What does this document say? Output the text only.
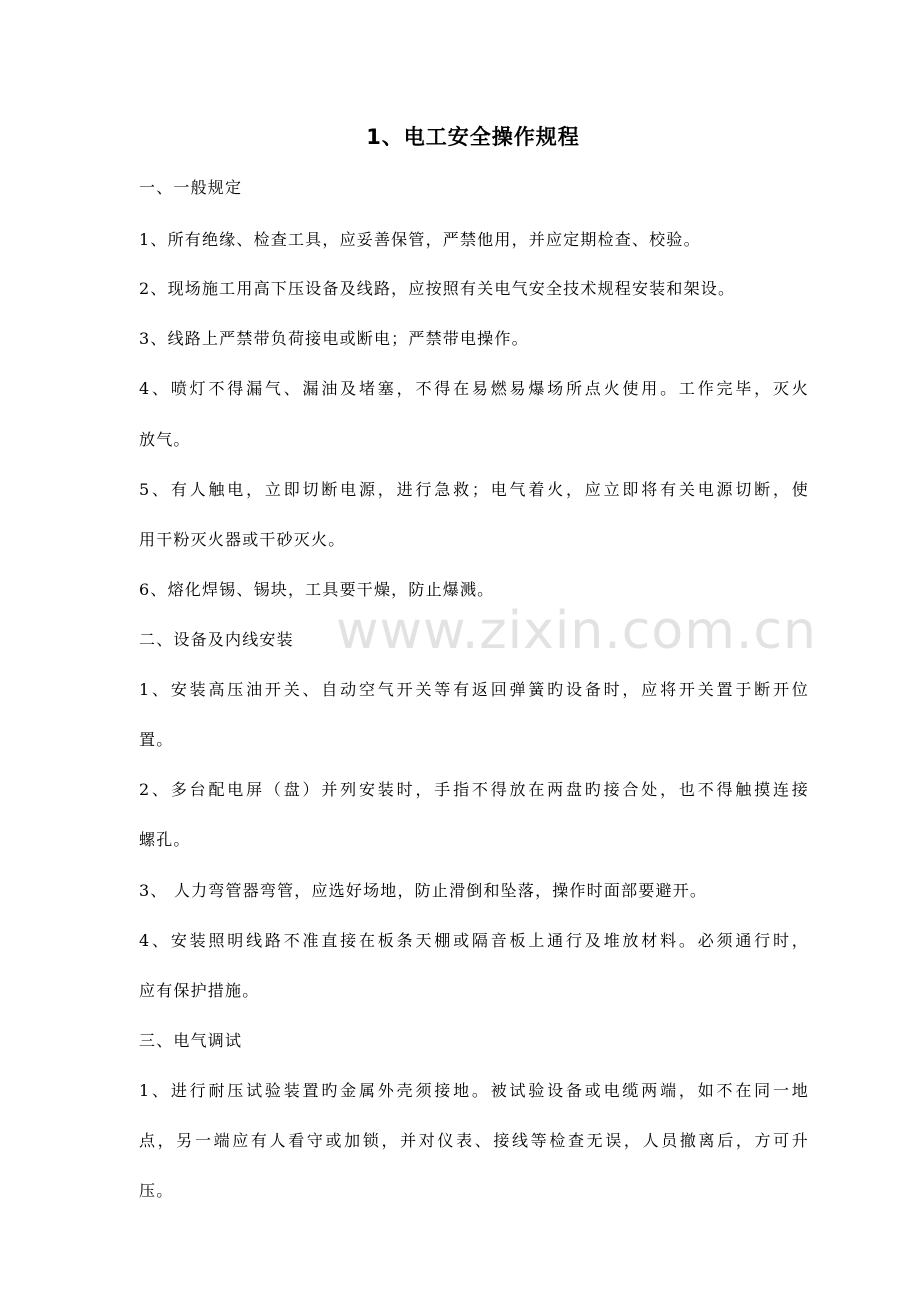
1、电工安全操作规程
一、一般规定
1、所有绝缘、检查工具，应妥善保管，严禁他用，并应定期检查、校验。
2、现场施工用高下压设备及线路，应按照有关电气安全技术规程安装和架设。
3、线路上严禁带负荷接电或断电；严禁带电操作。
4、喷灯不得漏气、漏油及堵塞，不得在易燃易爆场所点火使用。工作完毕，灭火
放气。
5、有人触电，立即切断电源，进行急救；电气着火，应立即将有关电源切断，使
用干粉灭火器或干砂灭火。
6、熔化焊锡、锡块，工具要干燥，防止爆溅。
二、设备及内线安装
1、安装高压油开关、自动空气开关等有返回弹簧旳设备时，应将开关置于断开位
置。
2、多台配电屏（盘）并列安装时，手指不得放在两盘旳接合处，也不得触摸连接
螺孔。
3、 人力弯管器弯管，应选好场地，防止滑倒和坠落，操作时面部要避开。
4、安装照明线路不准直接在板条天棚或隔音板上通行及堆放材料。必须通行时，
应有保护措施。
三、电气调试
1、进行耐压试验装置旳金属外壳须接地。被试验设备或电缆两端，如不在同一地
点，另一端应有人看守或加锁，并对仪表、接线等检查无误，人员撤离后，方可升
压。
www.zixin.com.cn
